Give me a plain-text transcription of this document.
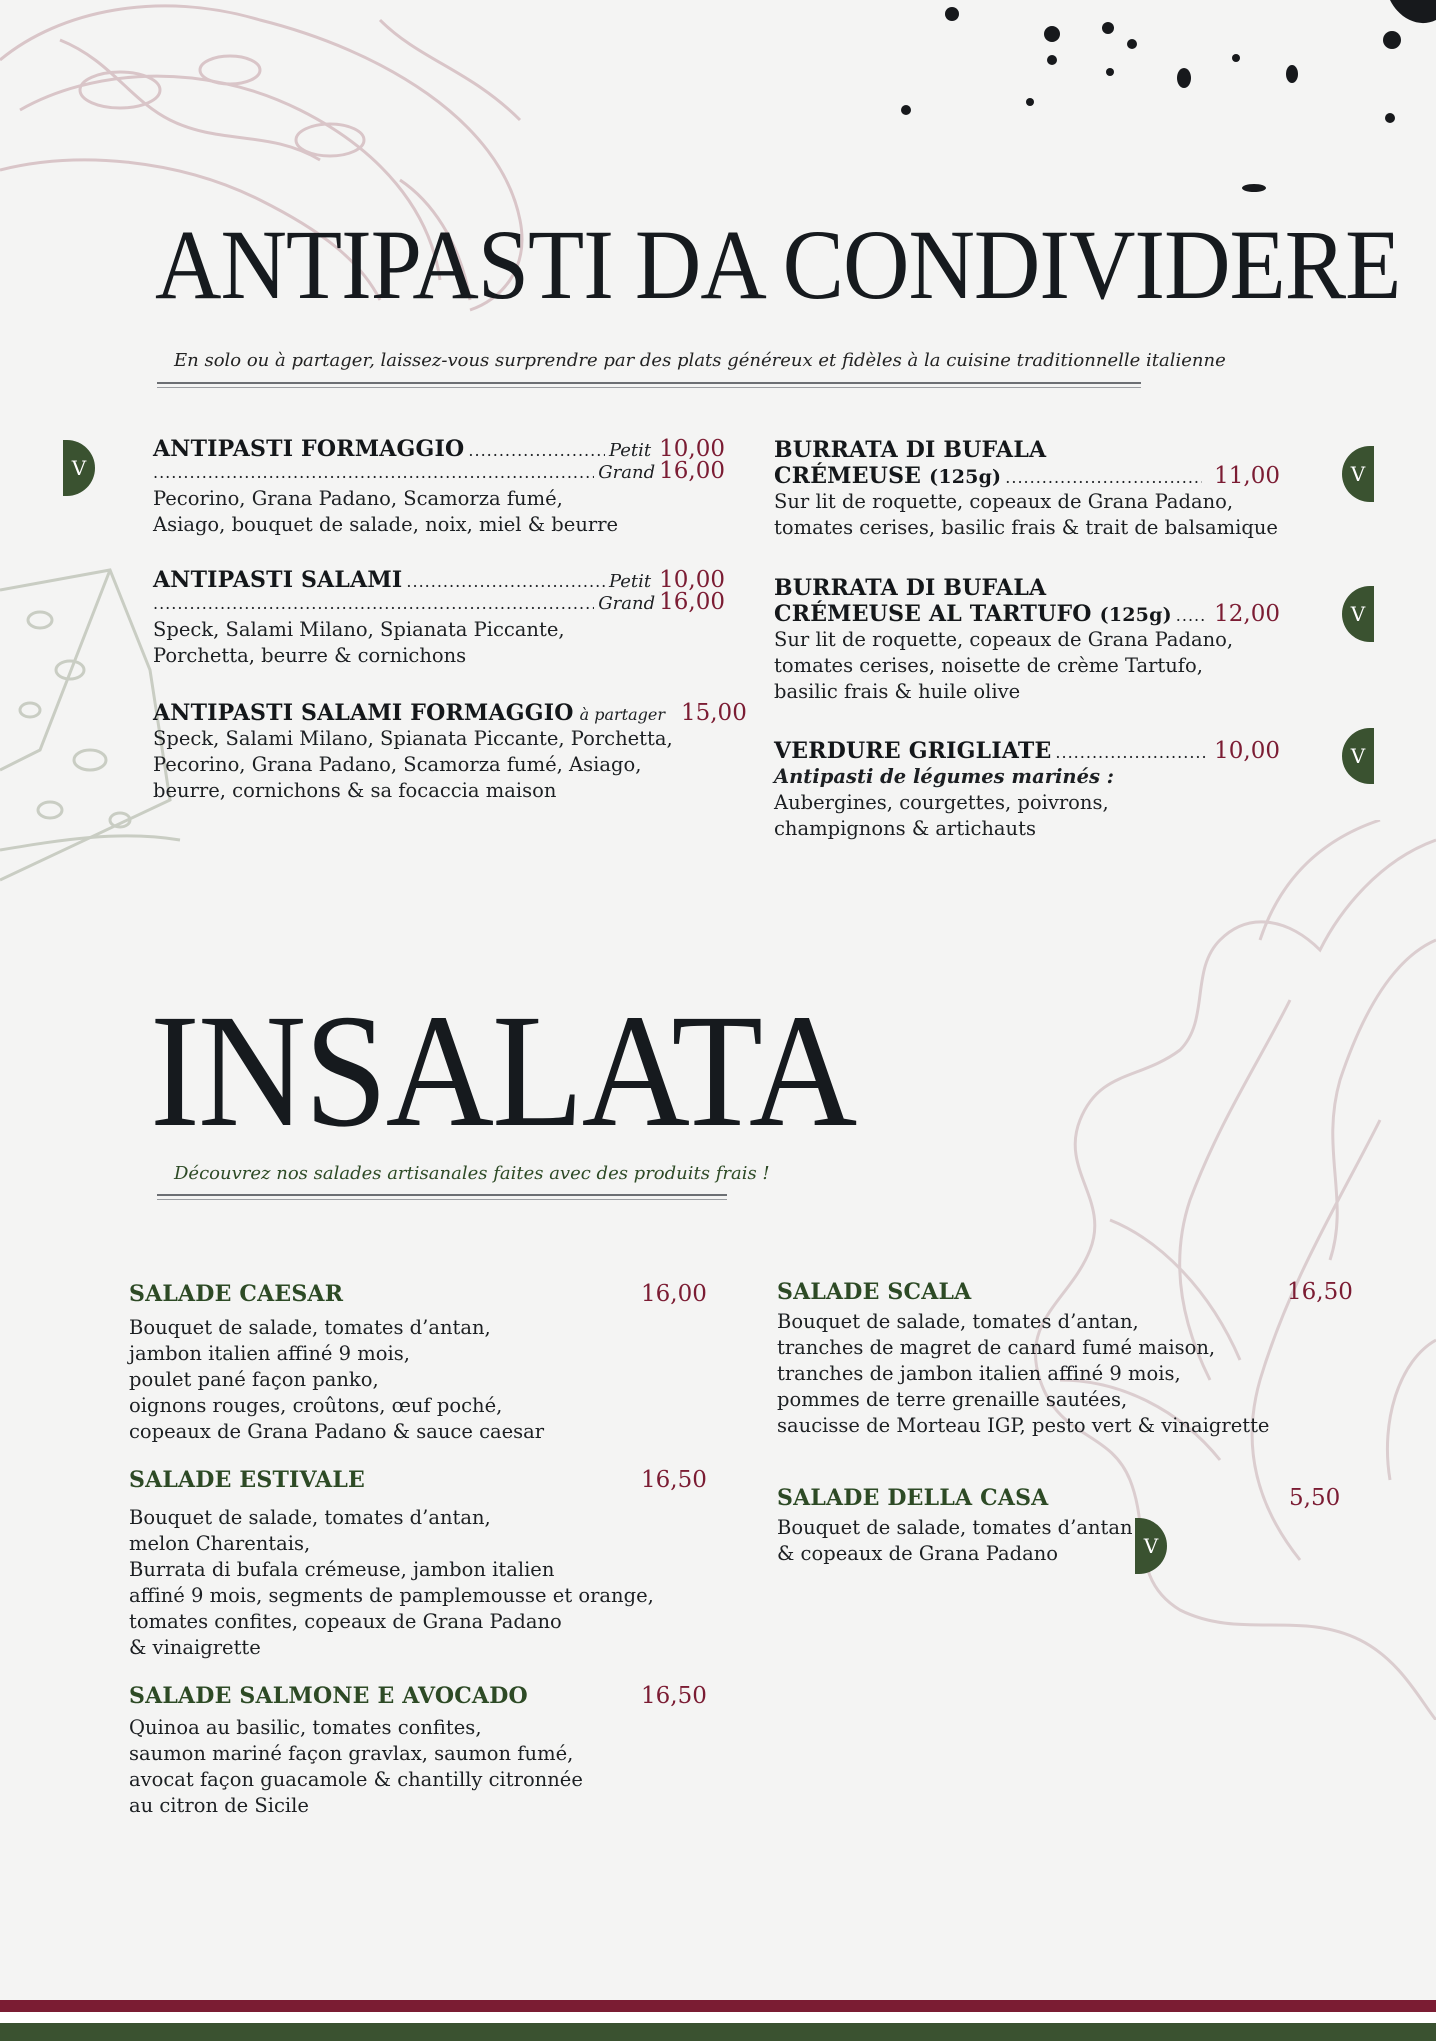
ANTIPASTI DA CONDIVIDERE
En solo ou à partager, laissez-vous surprendre par des plats généreux et fidèles à la cuisine traditionnelle italienne
V
ANTIPASTI FORMAGGIO .....	Petit 10,00
.....
Grand 16,00
Pecorino, Grana Padano, Scamorza fumé,
Asiago, bouquet de salade, noix, miel & beurre
ANTIPASTI SALAMI .....	Petit 10,00
.....
Grand 16,00
Speck, Salami Milano, Spianata Piccante,
Porchetta, beurre & cornichons
ANTIPASTI SALAMI FORMAGGIO à partager 15,00
Speck, Salami Milano, Spianata Piccante, Porchetta,
Pecorino, Grana Padano, Scamorza fumé, Asiago,
beurre, cornichons & sa focaccia maison
BURRATA DI BUFALA
CRÉMEUSE (125g) .....	11,00
Sur lit de roquette, copeaux de Grana Padano,
tomates cerises, basilic frais & trait de balsamique
V
BURRATA DI BUFALA
CRÉMEUSE AL TARTUFO (125g) ..... 12,00
Sur lit de roquette, copeaux de Grana Padano,
tomates cerises, noisette de crème Tartufo,
basilic frais & huile olive
V
VERDURE GRIGLIATE .....	10,00
Antipasti de légumes marinés :
Aubergines, courgettes, poivrons,
champignons & artichauts
V
INSALATA
Découvrez nos salades artisanales faites avec des produits frais !
SALADE CAESAR	16,00
Bouquet de salade, tomates d’antan,
jambon italien affiné 9 mois,
poulet pané façon panko,
oignons rouges, croûtons, œuf poché,
copeaux de Grana Padano & sauce caesar
SALADE ESTIVALE	16,50
Bouquet de salade, tomates d’antan,
melon Charentais,
Burrata di bufala crémeuse, jambon italien
affiné 9 mois, segments de pamplemousse et orange,
tomates confites, copeaux de Grana Padano
& vinaigrette
SALADE SALMONE E AVOCADO	16,50
Quinoa au basilic, tomates confites,
saumon mariné façon gravlax, saumon fumé,
avocat façon guacamole & chantilly citronnée
au citron de Sicile
SALADE SCALA	16,50
Bouquet de salade, tomates d’antan,
tranches de magret de canard fumé maison,
tranches de jambon italien affiné 9 mois,
pommes de terre grenaille sautées,
saucisse de Morteau IGP, pesto vert & vinaigrette
SALADE DELLA CASA	5,50
Bouquet de salade, tomates d’antan
& copeaux de Grana Padano	V
